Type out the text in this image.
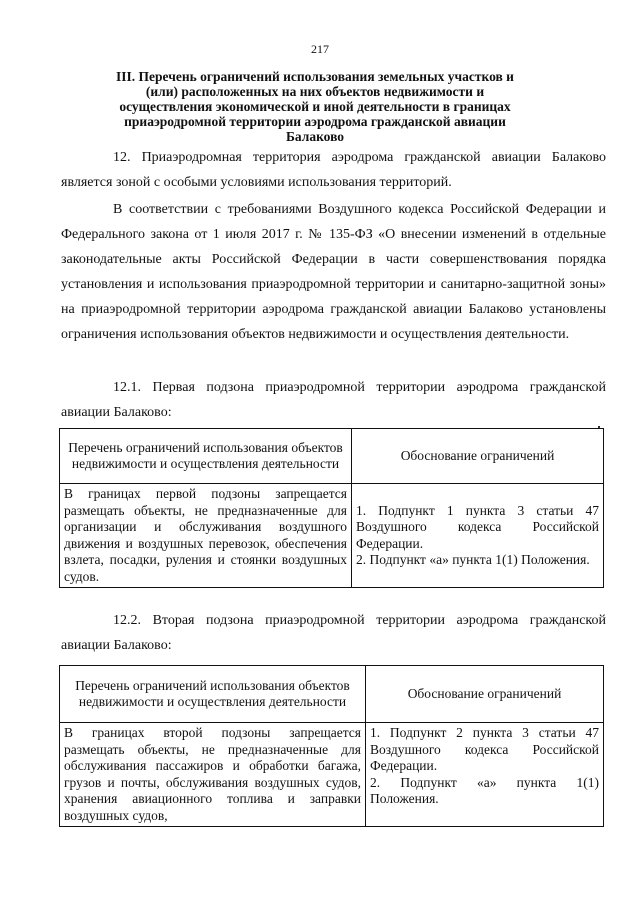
217
III. Перечень ограничений использования земельных участков и (или) расположенных на них объектов недвижимости и осуществления экономической и иной деятельности в границах приаэродромной территории аэродрома гражданской авиации Балаково
12. Приаэродромная территория аэродрома гражданской авиации Балаково является зоной с особыми условиями использования территорий.
В соответствии с требованиями Воздушного кодекса Российской Федерации и Федерального закона от 1 июля 2017 г. № 135-ФЗ «О внесении изменений в отдельные законодательные акты Российской Федерации в части совершенствования порядка установления и использования приаэродромной территории и санитарно-защитной зоны» на приаэродромной территории аэродрома гражданской авиации Балаково установлены ограничения использования объектов недвижимости и осуществления деятельности.
12.1. Первая подзона приаэродромной территории аэродрома гражданской авиации Балаково:
Перечень ограничений использования объектов недвижимости и осуществления деятельности	Обоснование ограничений
В границах первой подзоны запрещается размещать объекты, не предназначенные для организации и обслуживания воздушного движения и воздушных перевозок, обеспечения взлета, посадки, руления и стоянки воздушных судов.	1. Подпункт 1 пункта 3 статьи 47 Воздушного кодекса Российской Федерации.
2. Подпункт «а» пункта 1(1) Положения.
12.2. Вторая подзона приаэродромной территории аэродрома гражданской авиации Балаково:
Перечень ограничений использования объектов недвижимости и осуществления деятельности	Обоснование ограничений
В границах второй подзоны запрещается размещать объекты, не предназначенные для обслуживания пассажиров и обработки багажа, грузов и почты, обслуживания воздушных судов, хранения авиационного топлива и заправки воздушных судов,	1. Подпункт 2 пункта 3 статьи 47 Воздушного кодекса Российской Федерации.
2. Подпункт «а» пункта 1(1) Положения.
